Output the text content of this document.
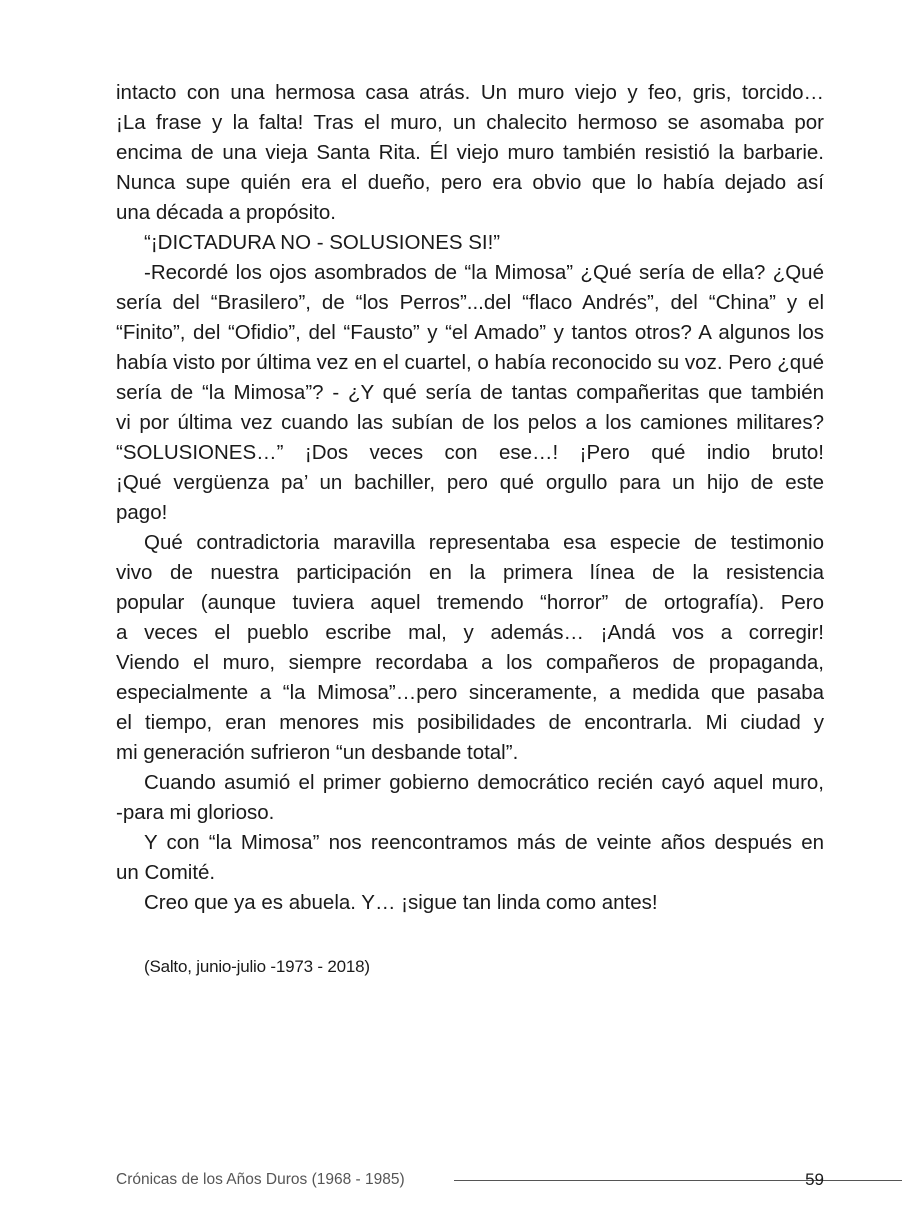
intacto con una hermosa casa atrás. Un muro viejo y feo, gris, torcido…
¡La frase y la falta! Tras el muro, un chalecito hermoso se asomaba por
encima de una vieja Santa Rita. Él viejo muro también resistió la barbarie.
Nunca supe quién era el dueño, pero era obvio que lo había dejado así
una década a propósito.
“¡DICTADURA NO - SOLUSIONES SI!”
-Recordé los ojos asombrados de “la Mimosa” ¿Qué sería de ella? ¿Qué
sería del “Brasilero”, de “los Perros”...del “flaco Andrés”, del “China” y el
“Finito”, del “Ofidio”, del “Fausto” y “el Amado” y tantos otros? A algunos los
había visto por última vez en el cuartel, o había reconocido su voz. Pero ¿qué
sería de “la Mimosa”? - ¿Y qué sería de tantas compañeritas que también
vi por última vez cuando las subían de los pelos a los camiones militares?
“SOLUSIONES…” ¡Dos veces con ese…! ¡Pero qué indio bruto!
¡Qué vergüenza pa’ un bachiller, pero qué orgullo para un hijo de este
pago!
Qué contradictoria maravilla representaba esa especie de testimonio
vivo de nuestra participación en la primera línea de la resistencia
popular (aunque tuviera aquel tremendo “horror” de ortografía). Pero
a veces el pueblo escribe mal, y además… ¡Andá vos a corregir!
Viendo el muro, siempre recordaba a los compañeros de propaganda,
especialmente a “la Mimosa”…pero sinceramente, a medida que pasaba
el tiempo, eran menores mis posibilidades de encontrarla. Mi ciudad y
mi generación sufrieron “un desbande total”.
Cuando asumió el primer gobierno democrático recién cayó aquel muro,
-para mi glorioso.
Y con “la Mimosa” nos reencontramos más de veinte años después en
un Comité.
Creo que ya es abuela. Y… ¡sigue tan linda como antes!
(Salto, junio-julio -1973 - 2018)
Crónicas de los Años Duros (1968 - 1985)	59
